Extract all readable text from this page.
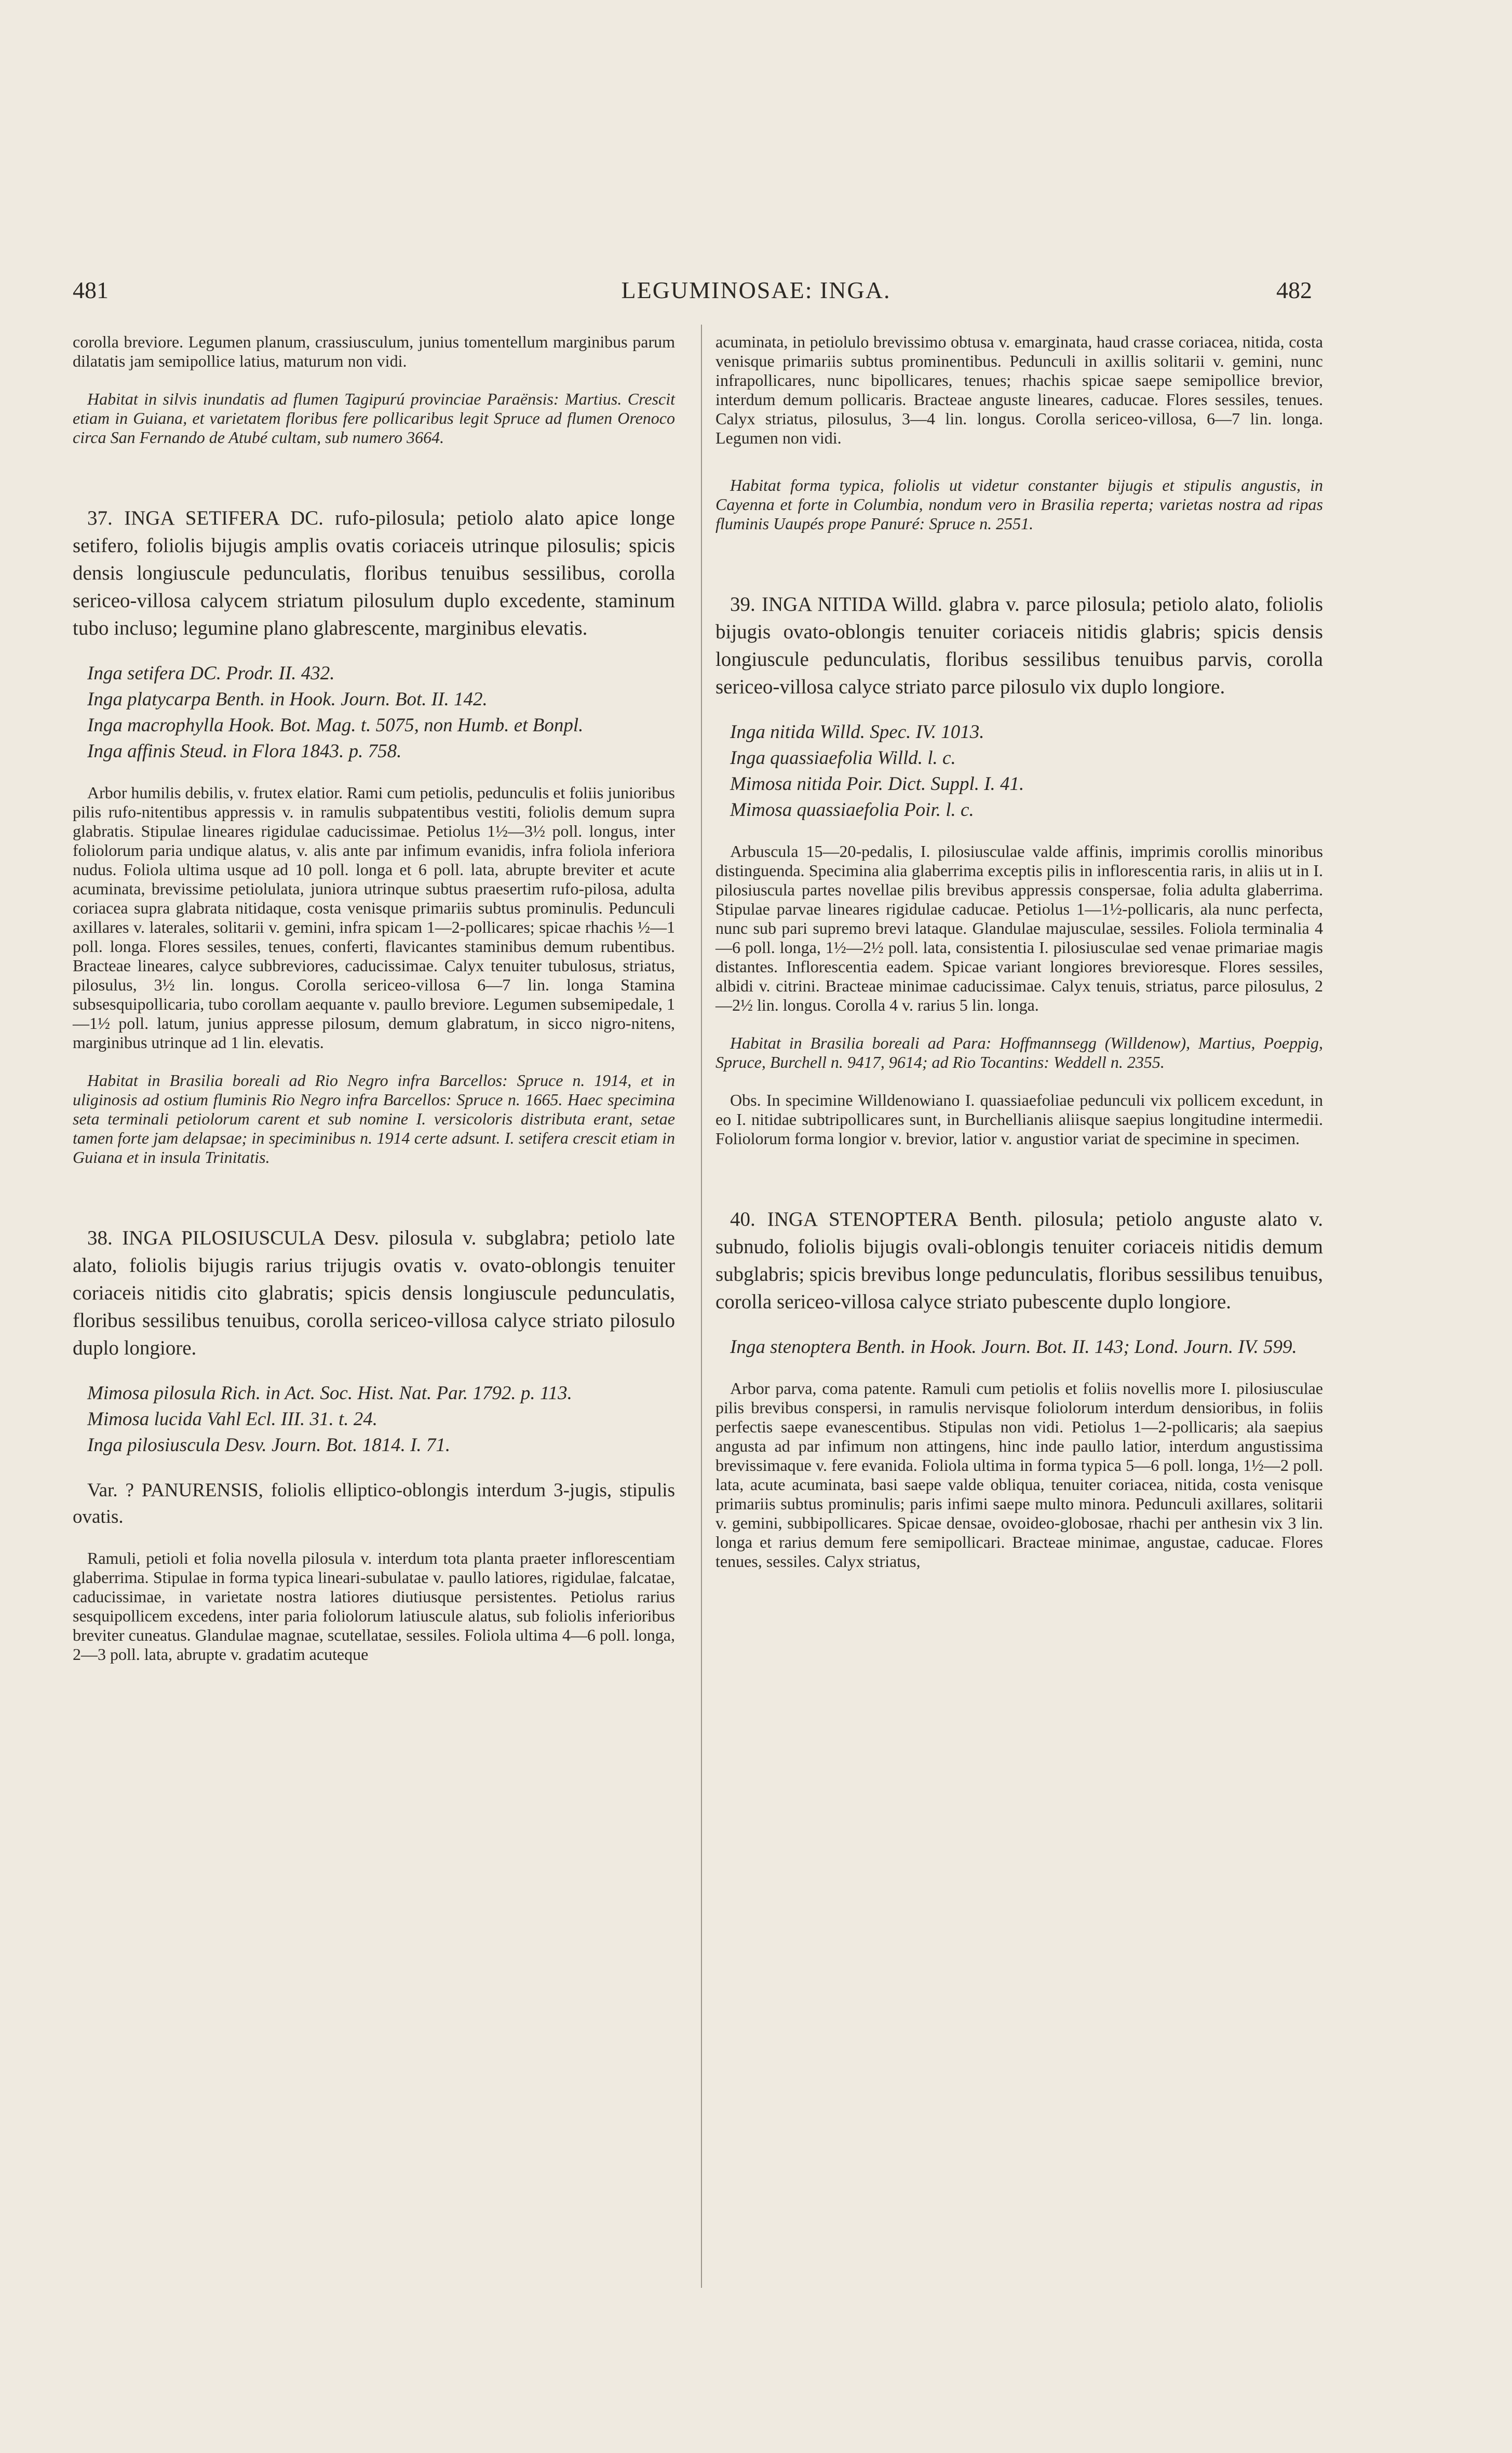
481	LEGUMINOSAE: INGA.	482

corolla breviore. Legumen planum, crassiusculum, junius tomentellum marginibus parum dilatatis jam semipollice latius, maturum non vidi.

Habitat in silvis inundatis ad flumen Tagipurú provinciae Paraënsis: Martius. Crescit etiam in Guiana, et varietatem floribus fere pollicaribus legit Spruce ad flumen Orenoco circa San Fernando de Atubé cultam, sub numero 3664.

37. INGA SETIFERA DC. rufo-pilosula; petiolo alato apice longe setifero, foliolis bijugis amplis ovatis coriaceis utrinque pilosulis; spicis densis longiuscule pedunculatis, floribus tenuibus sessilibus, corolla sericeo-villosa calycem striatum pilosulum duplo excedente, staminum tubo incluso; legumine plano glabrescente, marginibus elevatis.

Inga setifera DC. Prodr. II. 432.

Inga platycarpa Benth. in Hook. Journ. Bot. II. 142.

Inga macrophylla Hook. Bot. Mag. t. 5075, non Humb. et Bonpl.

Inga affinis Steud. in Flora 1843. p. 758.

Arbor humilis debilis, v. frutex elatior. Rami cum petiolis, pedunculis et foliis junioribus pilis rufo-nitentibus appressis v. in ramulis subpatentibus vestiti, foliolis demum supra glabratis. Stipulae lineares rigidulae caducissimae. Petiolus 1½—3½ poll. longus, inter foliolorum paria undique alatus, v. alis ante par infimum evanidis, infra foliola inferiora nudus. Foliola ultima usque ad 10 poll. longa et 6 poll. lata, abrupte breviter et acute acuminata, brevissime petiolulata, juniora utrinque subtus praesertim rufo-pilosa, adulta coriacea supra glabrata nitidaque, costa venisque primariis subtus prominulis. Pedunculi axillares v. laterales, solitarii v. gemini, infra spicam 1—2-pollicares; spicae rhachis ½—1 poll. longa. Flores sessiles, tenues, conferti, flavicantes staminibus demum rubentibus. Bracteae lineares, calyce subbreviores, caducissimae. Calyx tenuiter tubulosus, striatus, pilosulus, 3½ lin. longus. Corolla sericeo-villosa 6—7 lin. longa Stamina subsesquipollicaria, tubo corollam aequante v. paullo breviore. Legumen subsemipedale, 1—1½ poll. latum, junius appresse pilosum, demum glabratum, in sicco nigro-nitens, marginibus utrinque ad 1 lin. elevatis.

Habitat in Brasilia boreali ad Rio Negro infra Barcellos: Spruce n. 1914, et in uliginosis ad ostium fluminis Rio Negro infra Barcellos: Spruce n. 1665. Haec specimina seta terminali petiolorum carent et sub nomine I. versicoloris distributa erant, setae tamen forte jam delapsae; in speciminibus n. 1914 certe adsunt. I. setifera crescit etiam in Guiana et in insula Trinitatis.

38. INGA PILOSIUSCULA Desv. pilosula v. subglabra; petiolo late alato, foliolis bijugis rarius trijugis ovatis v. ovato-oblongis tenuiter coriaceis nitidis cito glabratis; spicis densis longiuscule pedunculatis, floribus sessilibus tenuibus, corolla sericeo-villosa calyce striato pilosulo duplo longiore.

Mimosa pilosula Rich. in Act. Soc. Hist. Nat. Par. 1792. p. 113.

Mimosa lucida Vahl Ecl. III. 31. t. 24.

Inga pilosiuscula Desv. Journ. Bot. 1814. I. 71.

Var. ? PANURENSIS, foliolis elliptico-oblongis interdum 3-jugis, stipulis ovatis.

Ramuli, petioli et folia novella pilosula v. interdum tota planta praeter inflorescentiam glaberrima. Stipulae in forma typica lineari-subulatae v. paullo latiores, rigidulae, falcatae, caducissimae, in varietate nostra latiores diutiusque persistentes. Petiolus rarius sesquipollicem excedens, inter paria foliolorum latiuscule alatus, sub foliolis inferioribus breviter cuneatus. Glandulae magnae, scutellatae, sessiles. Foliola ultima 4—6 poll. longa, 2—3 poll. lata, abrupte v. gradatim acuteque

acuminata, in petiolulo brevissimo obtusa v. emarginata, haud crasse coriacea, nitida, costa venisque primariis subtus prominentibus. Pedunculi in axillis solitarii v. gemini, nunc infrapollicares, nunc bipollicares, tenues; rhachis spicae saepe semipollice brevior, interdum demum pollicaris. Bracteae anguste lineares, caducae. Flores sessiles, tenues. Calyx striatus, pilosulus, 3—4 lin. longus. Corolla sericeo-villosa, 6—7 lin. longa. Legumen non vidi.

Habitat forma typica, foliolis ut videtur constanter bijugis et stipulis angustis, in Cayenna et forte in Columbia, nondum vero in Brasilia reperta; varietas nostra ad ripas fluminis Uaupés prope Panuré: Spruce n. 2551.

39. INGA NITIDA Willd. glabra v. parce pilosula; petiolo alato, foliolis bijugis ovato-oblongis tenuiter coriaceis nitidis glabris; spicis densis longiuscule pedunculatis, floribus sessilibus tenuibus parvis, corolla sericeo-villosa calyce striato parce pilosulo vix duplo longiore.

Inga nitida Willd. Spec. IV. 1013.

Inga quassiaefolia Willd. l. c.

Mimosa nitida Poir. Dict. Suppl. I. 41.

Mimosa quassiaefolia Poir. l. c.

Arbuscula 15—20-pedalis, I. pilosiusculae valde affinis, imprimis corollis minoribus distinguenda. Specimina alia glaberrima exceptis pilis in inflorescentia raris, in aliis ut in I. pilosiuscula partes novellae pilis brevibus appressis conspersae, folia adulta glaberrima. Stipulae parvae lineares rigidulae caducae. Petiolus 1—1½-pollicaris, ala nunc perfecta, nunc sub pari supremo brevi lataque. Glandulae majusculae, sessiles. Foliola terminalia 4—6 poll. longa, 1½—2½ poll. lata, consistentia I. pilosiusculae sed venae primariae magis distantes. Inflorescentia eadem. Spicae variant longiores brevioresque. Flores sessiles, albidi v. citrini. Bracteae minimae caducissimae. Calyx tenuis, striatus, parce pilosulus, 2—2½ lin. longus. Corolla 4 v. rarius 5 lin. longa.

Habitat in Brasilia boreali ad Para: Hoffmannsegg (Willdenow), Martius, Poeppig, Spruce, Burchell n. 9417, 9614; ad Rio Tocantins: Weddell n. 2355.

Obs. In specimine Willdenowiano I. quassiaefoliae pedunculi vix pollicem excedunt, in eo I. nitidae subtripollicares sunt, in Burchellianis aliisque saepius longitudine intermedii. Foliolorum forma longior v. brevior, latior v. angustior variat de specimine in specimen.

40. INGA STENOPTERA Benth. pilosula; petiolo anguste alato v. subnudo, foliolis bijugis ovali-oblongis tenuiter coriaceis nitidis demum subglabris; spicis brevibus longe pedunculatis, floribus sessilibus tenuibus, corolla sericeo-villosa calyce striato pubescente duplo longiore.

Inga stenoptera Benth. in Hook. Journ. Bot. II. 143; Lond. Journ. IV. 599.

Arbor parva, coma patente. Ramuli cum petiolis et foliis novellis more I. pilosiusculae pilis brevibus conspersi, in ramulis nervisque foliolorum interdum densioribus, in foliis perfectis saepe evanescentibus. Stipulas non vidi. Petiolus 1—2-pollicaris; ala saepius angusta ad par infimum non attingens, hinc inde paullo latior, interdum angustissima brevissimaque v. fere evanida. Foliola ultima in forma typica 5—6 poll. longa, 1½—2 poll. lata, acute acuminata, basi saepe valde obliqua, tenuiter coriacea, nitida, costa venisque primariis subtus prominulis; paris infimi saepe multo minora. Pedunculi axillares, solitarii v. gemini, subbipollicares. Spicae densae, ovoideo-globosae, rhachi per anthesin vix 3 lin. longa et rarius demum fere semipollicari. Bracteae minimae, angustae, caducae. Flores tenues, sessiles. Calyx striatus,
